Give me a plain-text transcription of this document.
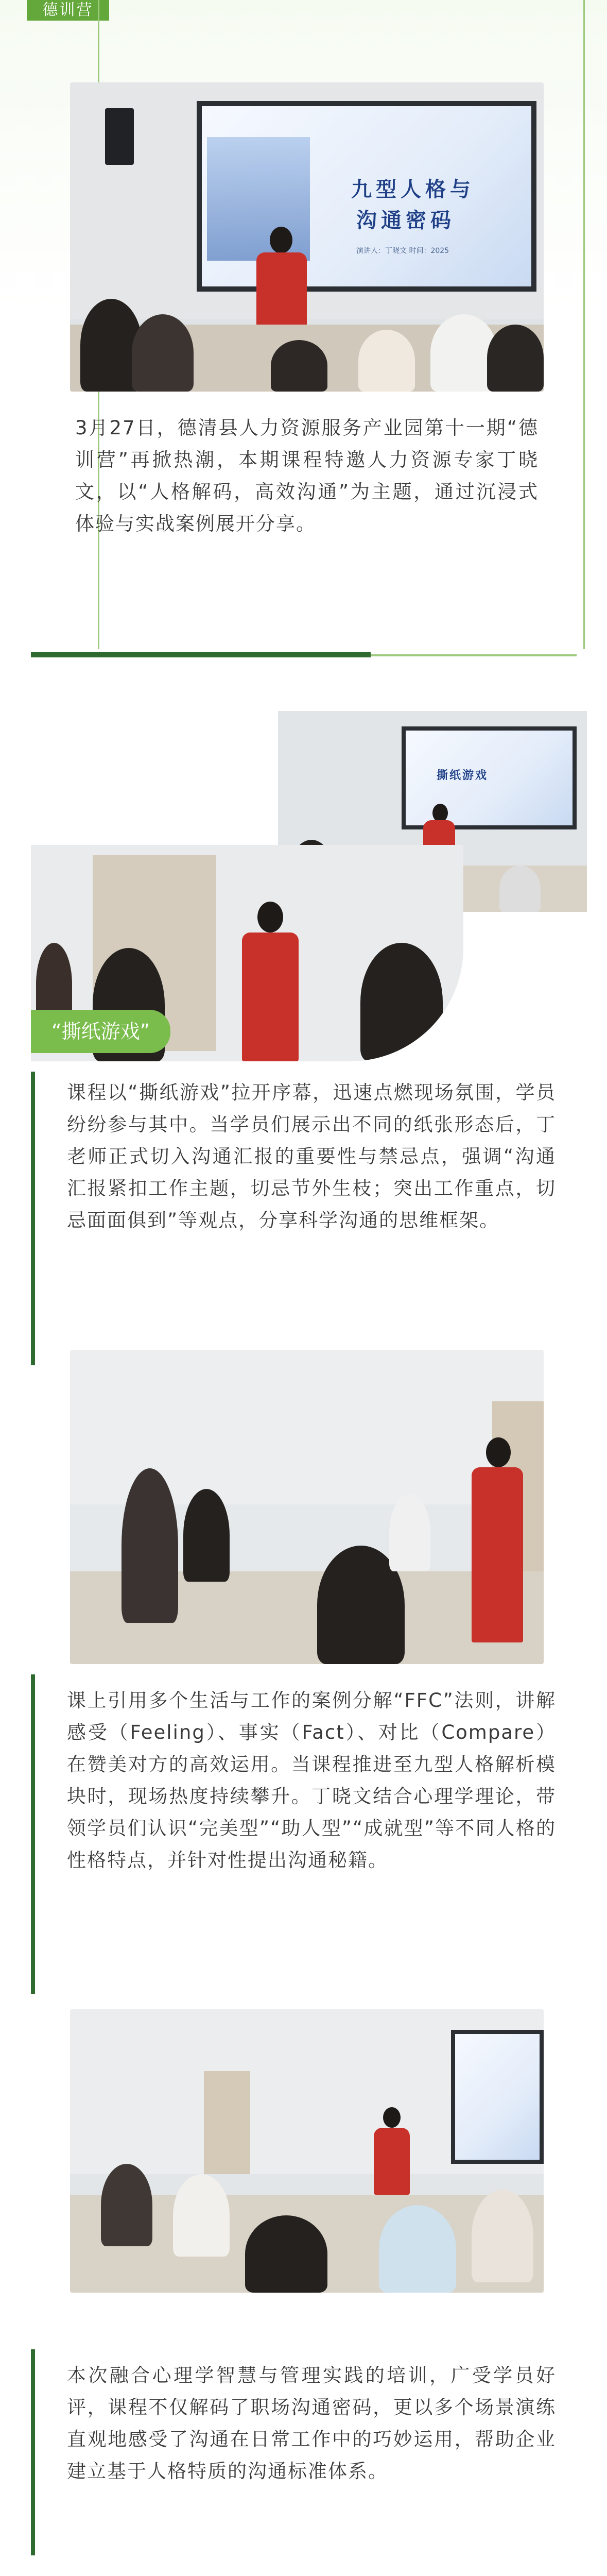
德训营
九型人格与
沟通密码
演讲人：丁晓文 时间：2025
3月27日，德清县人力资源服务产业园第十一期“德训营”再掀热潮，本期课程特邀人力资源专家丁晓文，以“人格解码，高效沟通”为主题，通过沉浸式体验与实战案例展开分享。
撕纸游戏
“撕纸游戏”
课程以“撕纸游戏”拉开序幕，迅速点燃现场氛围，学员纷纷参与其中。当学员们展示出不同的纸张形态后，丁老师正式切入沟通汇报的重要性与禁忌点，强调“沟通汇报紧扣工作主题，切忌节外生枝；突出工作重点，切忌面面俱到”等观点，分享科学沟通的思维框架。
课上引用多个生活与工作的案例分解“FFC”法则，讲解感受（Feeling）、事实（Fact）、对比（Compare）在赞美对方的高效运用。当课程推进至九型人格解析模块时，现场热度持续攀升。丁晓文结合心理学理论，带领学员们认识“完美型”“助人型”“成就型”等不同人格的性格特点，并针对性提出沟通秘籍。
本次融合心理学智慧与管理实践的培训，广受学员好评，课程不仅解码了职场沟通密码，更以多个场景演练直观地感受了沟通在日常工作中的巧妙运用，帮助企业建立基于人格特质的沟通标准体系。
